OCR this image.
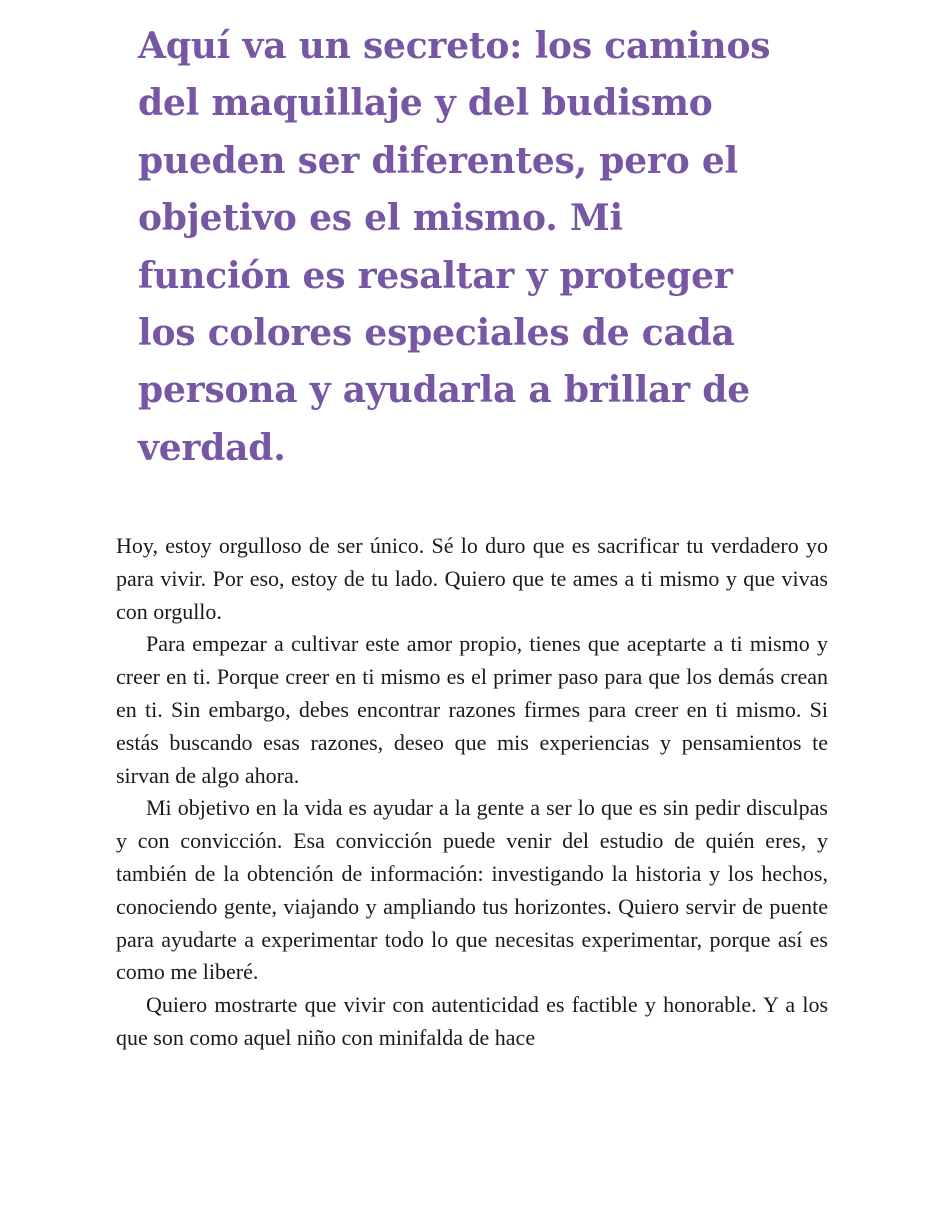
Aquí va un secreto: los caminos del maquillaje y del budismo pueden ser diferentes, pero el objetivo es el mismo. Mi función es resaltar y proteger los colores especiales de cada persona y ayudarla a brillar de verdad.

Hoy, estoy orgulloso de ser único. Sé lo duro que es sacrificar tu verdadero yo para vivir. Por eso, estoy de tu lado. Quiero que te ames a ti mismo y que vivas con orgullo.

Para empezar a cultivar este amor propio, tienes que aceptarte a ti mismo y creer en ti. Porque creer en ti mismo es el primer paso para que los demás crean en ti. Sin embargo, debes encontrar razones firmes para creer en ti mismo. Si estás buscando esas razones, deseo que mis experiencias y pensamientos te sirvan de algo ahora.

Mi objetivo en la vida es ayudar a la gente a ser lo que es sin pedir disculpas y con convicción. Esa convicción puede venir del estudio de quién eres, y también de la obtención de información: investigando la historia y los hechos, conociendo gente, viajando y ampliando tus horizontes. Quiero servir de puente para ayudarte a experimentar todo lo que necesitas experimentar, porque así es como me liberé.

Quiero mostrarte que vivir con autenticidad es factible y honorable. Y a los que son como aquel niño con minifalda de hace
